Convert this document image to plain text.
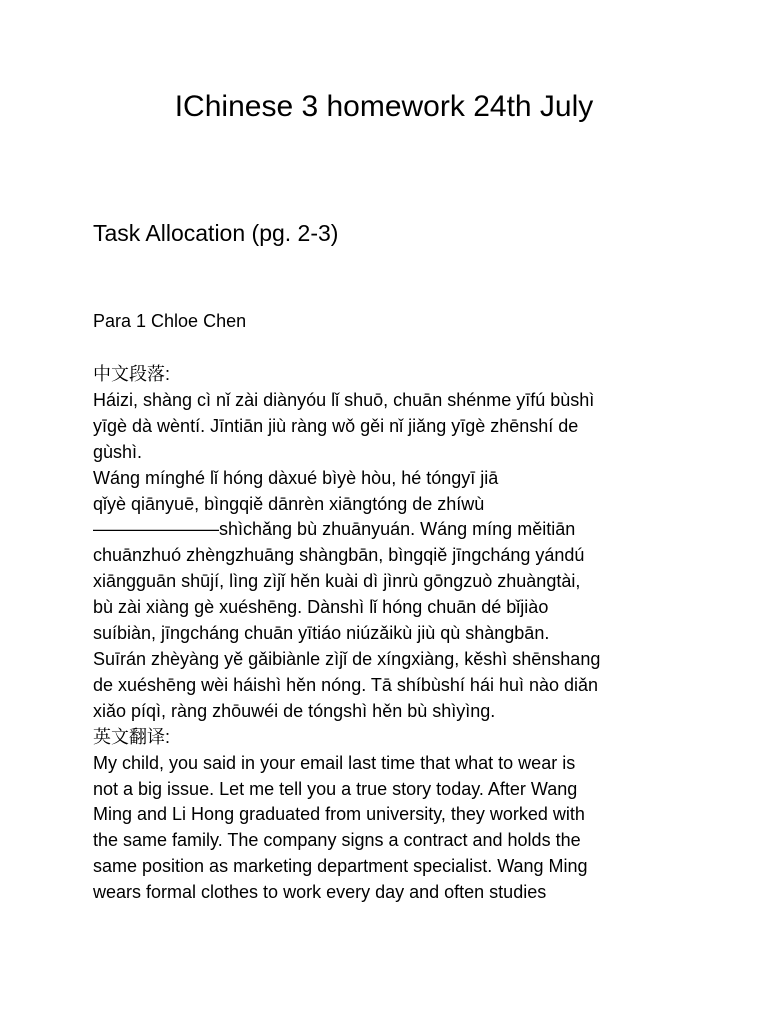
IChinese 3 homework 24th July
Task Allocation (pg. 2-3)

Para 1 Chloe Chen

中文段落:
Háizi, shàng cì nǐ zài diànyóu lǐ shuō, chuān shénme yīfú bùshì
yīgè dà wèntí. Jīntiān jiù ràng wǒ gěi nǐ jiǎng yīgè zhēnshí de
gùshì.
Wáng mínghé lǐ hóng dàxué bìyè hòu, hé tóngyī jiā
qǐyè qiānyuē, bìngqiě dānrèn xiāngtóng de zhíwù
———————shìchǎng bù zhuānyuán. Wáng míng měitiān
chuānzhuó zhèngzhuāng shàngbān, bìngqiě jīngcháng yándú
xiāngguān shūjí, lìng zìjǐ hěn kuài dì jìnrù gōngzuò zhuàngtài,
bù zài xiàng gè xuéshēng. Dànshì lǐ hóng chuān dé bǐjiào
suíbiàn, jīngcháng chuān yītiáo niúzǎikù jiù qù shàngbān.
Suīrán zhèyàng yě gǎibiànle zìjǐ de xíngxiàng, kěshì shēnshang
de xuéshēng wèi háishì hěn nóng. Tā shíbùshí hái huì nào diǎn
xiǎo píqì, ràng zhōuwéi de tóngshì hěn bù shìyìng.
英文翻译:
My child, you said in your email last time that what to wear is
not a big issue. Let me tell you a true story today. After Wang
Ming and Li Hong graduated from university, they worked with
the same family. The company signs a contract and holds the
same position as marketing department specialist. Wang Ming
wears formal clothes to work every day and often studies
